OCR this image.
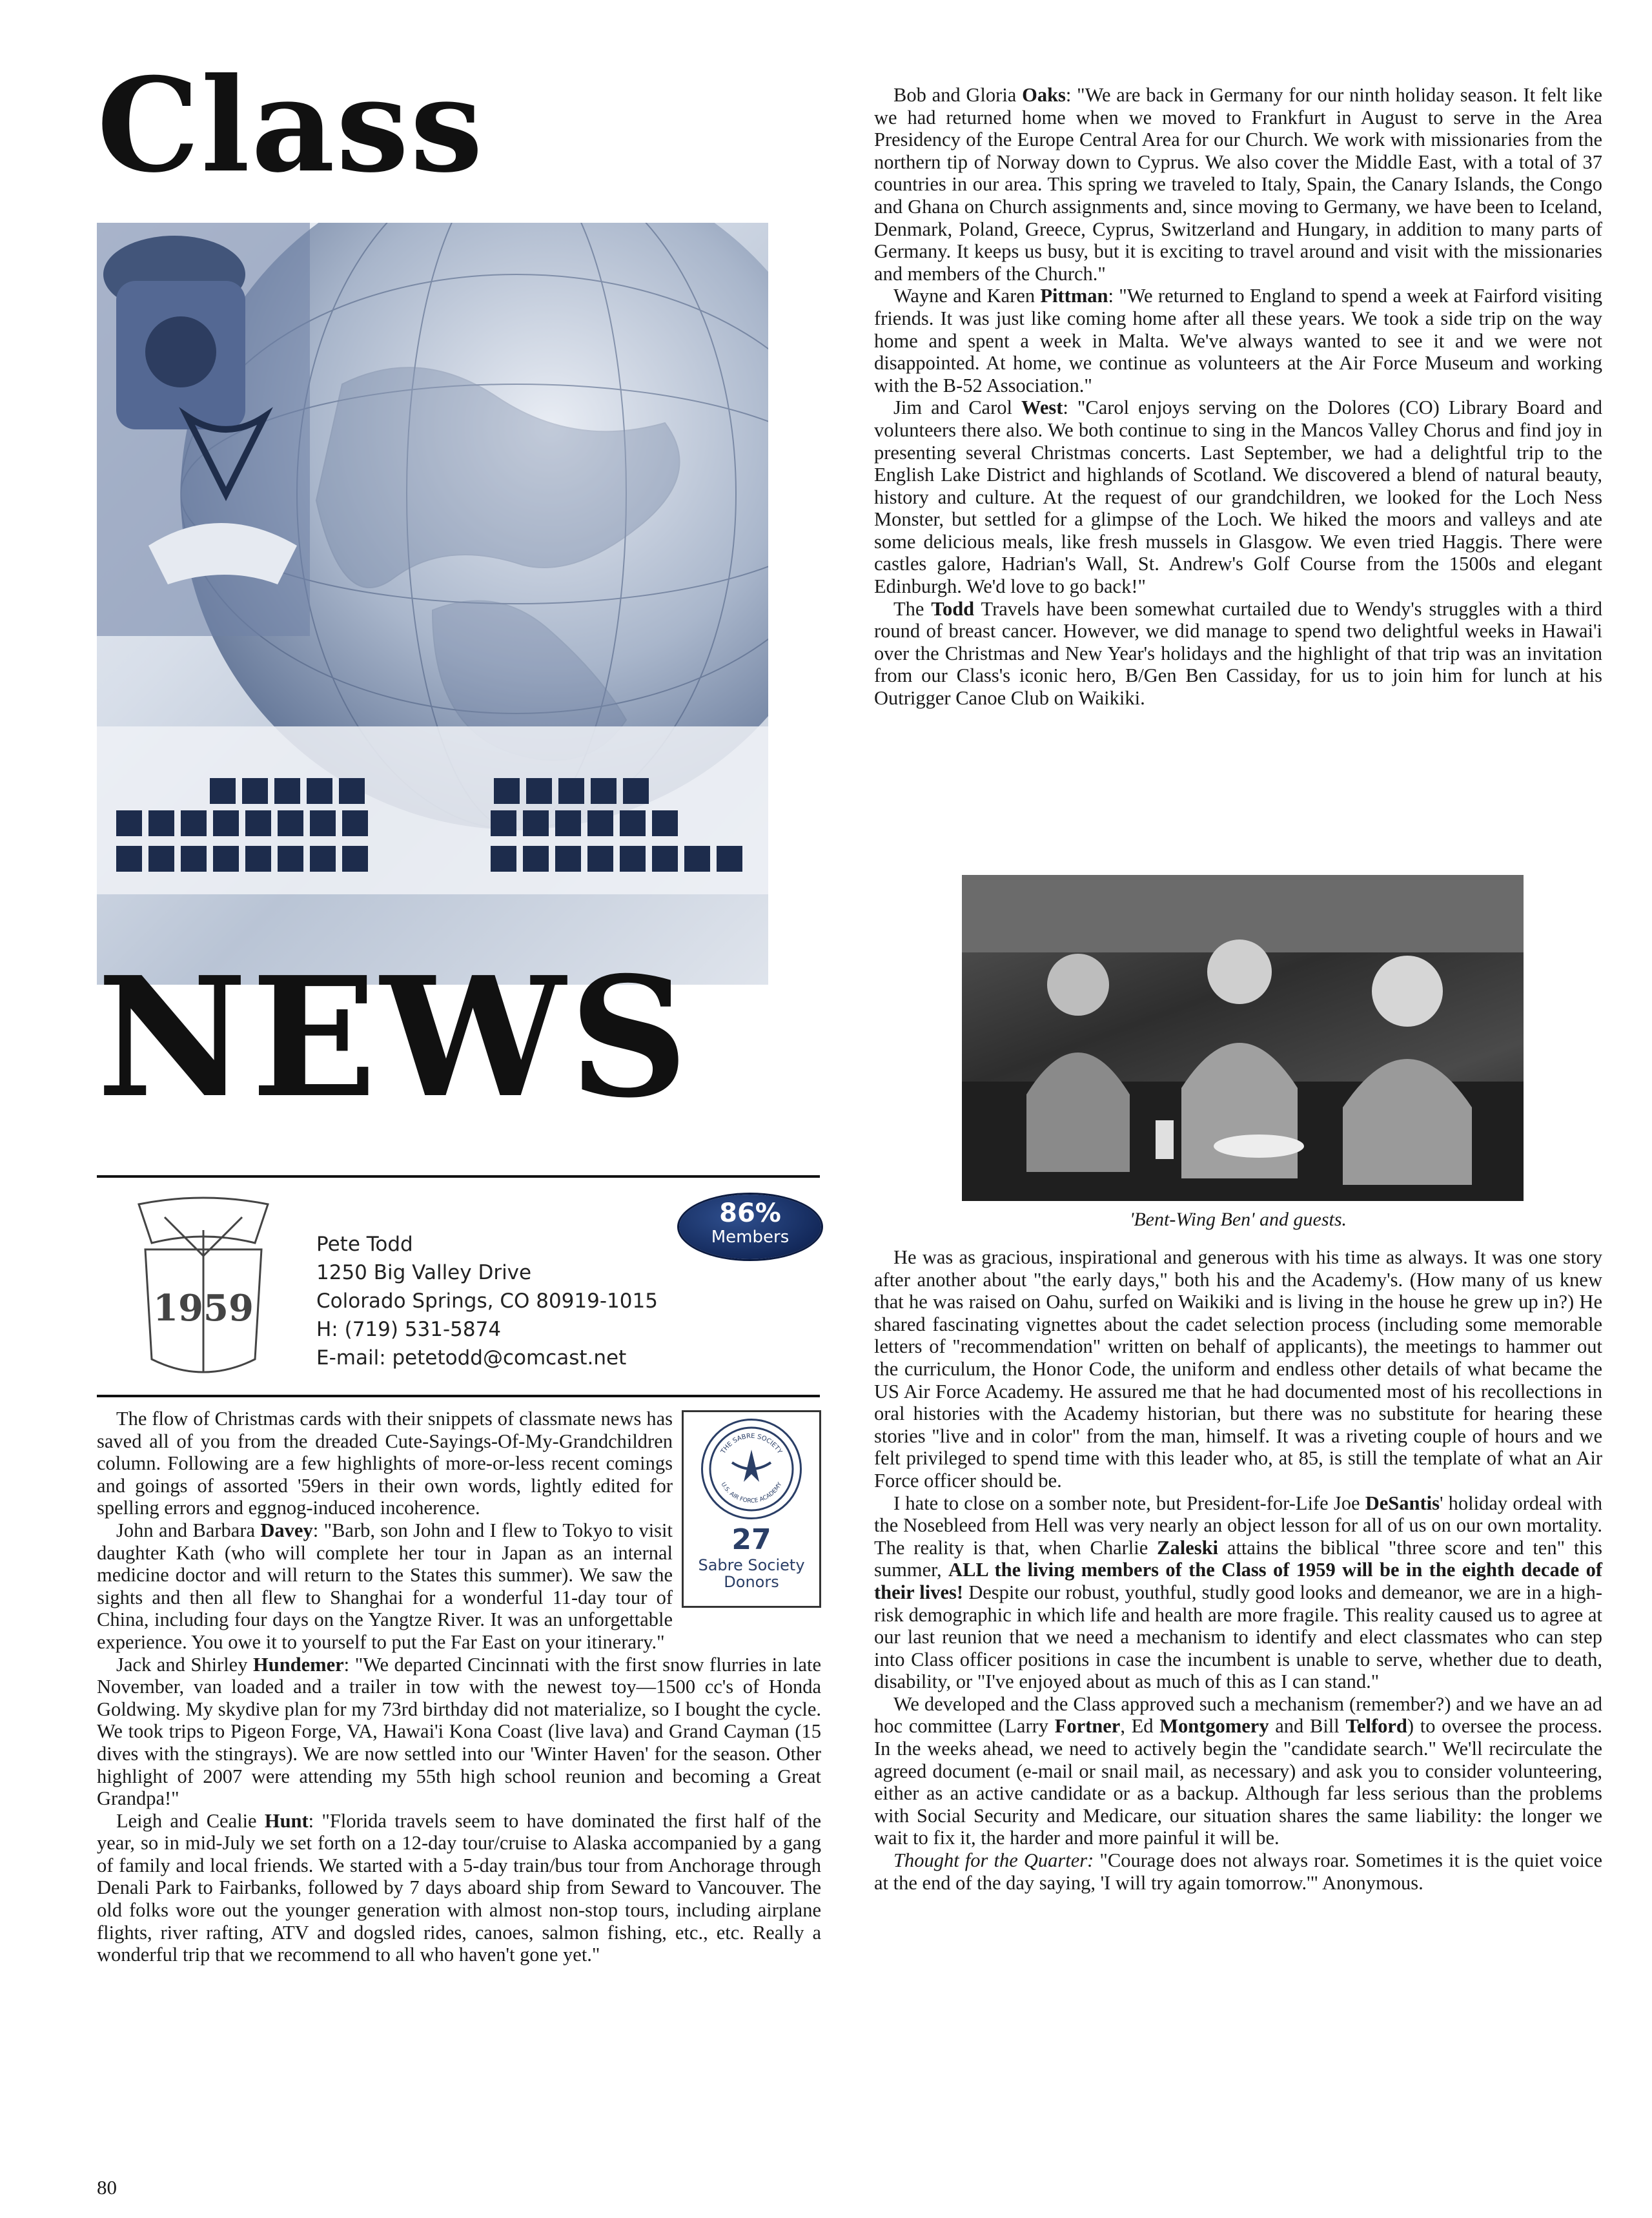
Class
NEWS
1959
Pete Todd
1250 Big Valley Drive
Colorado Springs, CO 80919-1015
H: (719) 531-5874
E-mail: petetodd@comcast.net
86%
Members
THE SABRE SOCIETY
U.S. AIR FORCE ACADEMY
27
Sabre Society
Donors

The flow of Christmas cards with their snippets of classmate news has saved all of you from the dreaded Cute-Sayings-Of-My-Grandchildren column. Following are a few highlights of more-or-less recent comings and goings of assorted '59ers in their own words, lightly edited for spelling errors and eggnog-induced incoherence.

John and Barbara Davey: "Barb, son John and I flew to Tokyo to visit daughter Kath (who will complete her tour in Japan as an internal medicine doctor and will return to the States this summer). We saw the sights and then all flew to Shanghai for a wonderful 11-day tour of China, including four days on the Yangtze River. It was an unforgettable experience. You owe it to yourself to put the Far East on your itinerary."

Jack and Shirley Hundemer: "We departed Cincinnati with the first snow flurries in late November, van loaded and a trailer in tow with the newest toy—1500 cc's of Honda Goldwing. My skydive plan for my 73rd birthday did not materialize, so I bought the cycle. We took trips to Pigeon Forge, VA, Hawai'i Kona Coast (live lava) and Grand Cayman (15 dives with the stingrays). We are now settled into our 'Winter Haven' for the season. Other highlight of 2007 were attending my 55th high school reunion and becoming a Great Grandpa!"

Leigh and Cealie Hunt: "Florida travels seem to have dominated the first half of the year, so in mid-July we set forth on a 12-day tour/cruise to Alaska accompanied by a gang of family and local friends. We started with a 5-day train/bus tour from Anchorage through Denali Park to Fairbanks, followed by 7 days aboard ship from Seward to Vancouver. The old folks wore out the younger generation with almost non-stop tours, including airplane flights, river rafting, ATV and dogsled rides, canoes, salmon fishing, etc., etc. Really a wonderful trip that we recommend to all who haven't gone yet."

Bob and Gloria Oaks: "We are back in Germany for our ninth holiday season. It felt like we had returned home when we moved to Frankfurt in August to serve in the Area Presidency of the Europe Central Area for our Church. We work with missionaries from the northern tip of Norway down to Cyprus. We also cover the Middle East, with a total of 37 countries in our area. This spring we traveled to Italy, Spain, the Canary Islands, the Congo and Ghana on Church assignments and, since moving to Germany, we have been to Iceland, Denmark, Poland, Greece, Cyprus, Switzerland and Hungary, in addition to many parts of Germany. It keeps us busy, but it is exciting to travel around and visit with the missionaries and members of the Church."

Wayne and Karen Pittman: "We returned to England to spend a week at Fairford visiting friends. It was just like coming home after all these years. We took a side trip on the way home and spent a week in Malta. We've always wanted to see it and we were not disappointed. At home, we continue as volunteers at the Air Force Museum and working with the B-52 Association."

Jim and Carol West: "Carol enjoys serving on the Dolores (CO) Library Board and volunteers there also. We both continue to sing in the Mancos Valley Chorus and find joy in presenting several Christmas concerts. Last September, we had a delightful trip to the English Lake District and highlands of Scotland. We discovered a blend of natural beauty, history and culture. At the request of our grandchildren, we looked for the Loch Ness Monster, but settled for a glimpse of the Loch. We hiked the moors and valleys and ate some delicious meals, like fresh mussels in Glasgow. We even tried Haggis. There were castles galore, Hadrian's Wall, St. Andrew's Golf Course from the 1500s and elegant Edinburgh. We'd love to go back!"

The Todd Travels have been somewhat curtailed due to Wendy's struggles with a third round of breast cancer. However, we did manage to spend two delightful weeks in Hawai'i over the Christmas and New Year's holidays and the highlight of that trip was an invitation from our Class's iconic hero, B/Gen Ben Cassiday, for us to join him for lunch at his Outrigger Canoe Club on Waikiki.

'Bent-Wing Ben' and guests.

He was as gracious, inspirational and generous with his time as always. It was one story after another about "the early days," both his and the Academy's. (How many of us knew that he was raised on Oahu, surfed on Waikiki and is living in the house he grew up in?) He shared fascinating vignettes about the cadet selection process (including some memorable letters of "recommendation" written on behalf of applicants), the meetings to hammer out the curriculum, the Honor Code, the uniform and endless other details of what became the US Air Force Academy. He assured me that he had documented most of his recollections in oral histories with the Academy historian, but there was no substitute for hearing these stories "live and in color" from the man, himself. It was a riveting couple of hours and we felt privileged to spend time with this leader who, at 85, is still the template of what an Air Force officer should be.

I hate to close on a somber note, but President-for-Life Joe DeSantis' holiday ordeal with the Nosebleed from Hell was very nearly an object lesson for all of us on our own mortality. The reality is that, when Charlie Zaleski attains the biblical "three score and ten" this summer, ALL the living members of the Class of 1959 will be in the eighth decade of their lives! Despite our robust, youthful, studly good looks and demeanor, we are in a high-risk demographic in which life and health are more fragile. This reality caused us to agree at our last reunion that we need a mechanism to identify and elect classmates who can step into Class officer positions in case the incumbent is unable to serve, whether due to death, disability, or "I've enjoyed about as much of this as I can stand."

We developed and the Class approved such a mechanism (remember?) and we have an ad hoc committee (Larry Fortner, Ed Montgomery and Bill Telford) to oversee the process. In the weeks ahead, we need to actively begin the "candidate search." We'll recirculate the agreed document (e-mail or snail mail, as necessary) and ask you to consider volunteering, either as an active candidate or as a backup. Although far less serious than the problems with Social Security and Medicare, our situation shares the same liability: the longer we wait to fix it, the harder and more painful it will be.

Thought for the Quarter: "Courage does not always roar. Sometimes it is the quiet voice at the end of the day saying, 'I will try again tomorrow.'" Anonymous.

80
